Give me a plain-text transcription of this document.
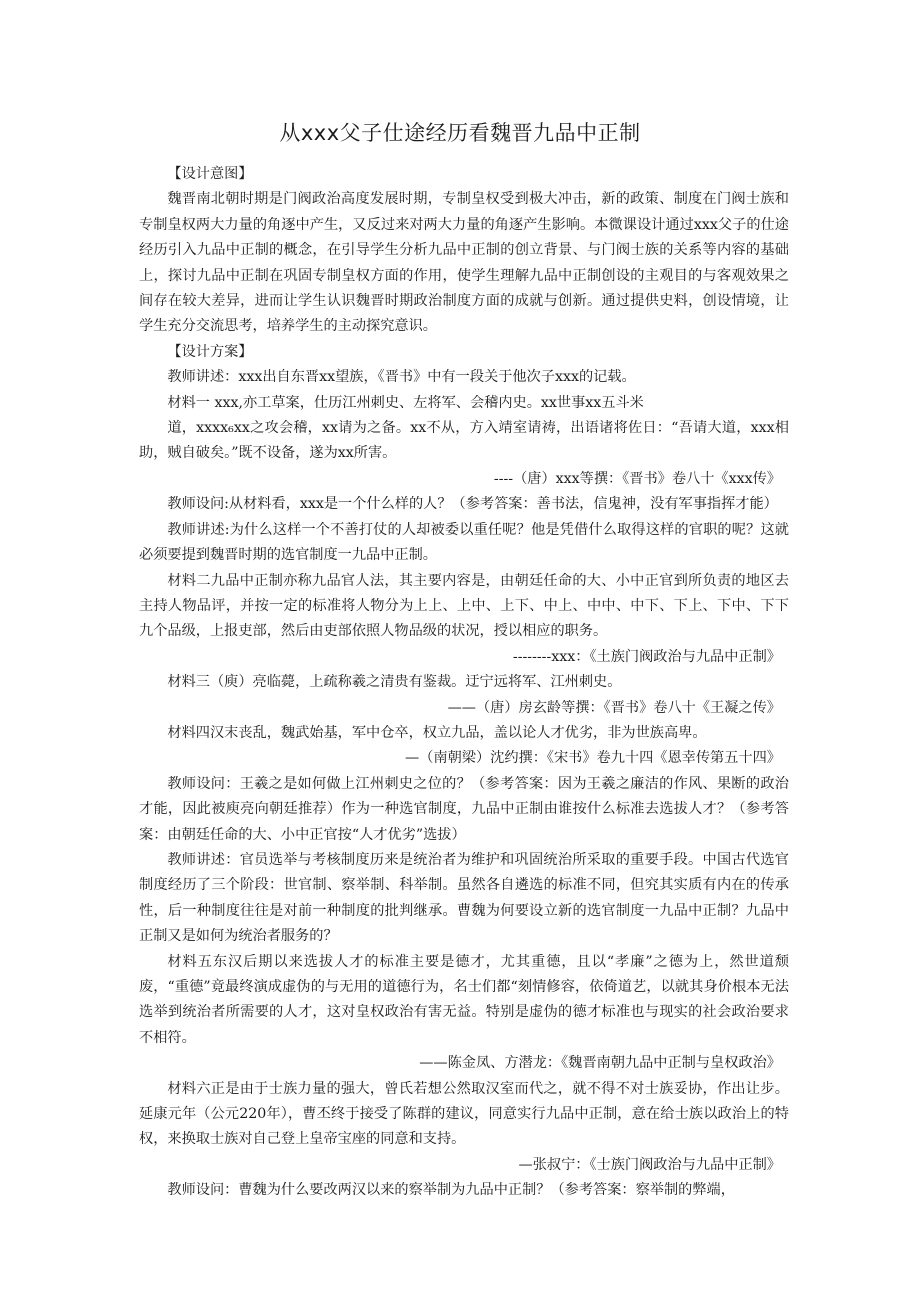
从xxx父子仕途经历看魏晋九品中正制

【设计意图】

魏晋南北朝时期是门阀政治高度发展时期，专制皇权受到极大冲击，新的政策、制度在门阀士族和专制皇权两大力量的角逐中产生，又反过来对两大力量的角逐产生影响。本微课设计通过xxx父子的仕途经历引入九品中正制的概念，在引导学生分析九品中正制的创立背景、与门阀士族的关系等内容的基础上，探讨九品中正制在巩固专制皇权方面的作用，使学生理解九品中正制创设的主观目的与客观效果之间存在较大差异，进而让学生认识魏晋时期政治制度方面的成就与创新。通过提供史料，创设情境，让学生充分交流思考，培养学生的主动探究意识。

【设计方案】

教师讲述：xxx出自东晋xx望族，《晋书》中有一段关于他次子xxx的记载。

材料一 xxx,亦工草案，仕历江州刺史、左将军、会稽内史。xx世事xx五斗米

道，xxxx₆xx之攻会稽，xx请为之备。xx不从，方入靖室请祷，出语诸将佐日：“吾请大道，xxx相助，贼自破矣。”既不设备，遂为xx所害。

----（唐）xxx等撰：《晋书》卷八十《xxx传》

教师设问:从材料看，xxx是一个什么样的人？（参考答案：善书法，信鬼神，没有军事指挥才能）

教师讲述:为什么这样一个不善打仗的人却被委以重任呢？他是凭借什么取得这样的官职的呢？这就必须要提到魏晋时期的选官制度一九品中正制。

材料二九品中正制亦称九品官人法，其主要内容是，由朝廷任命的大、小中正官到所负责的地区去主持人物品评，并按一定的标准将人物分为上上、上中、上下、中上、中中、中下、下上、下中、下下九个品级，上报吏部，然后由吏部依照人物品级的状况，授以相应的职务。

--------xxx：《土族门阀政治与九品中正制》

材料三（庾）亮临薨，上疏称羲之清贵有鉴裁。迂宁远将军、江州刺史。

——（唐）房玄龄等撰：《晋书》卷八十《王凝之传》

材料四汉末丧乱，魏武始基，军中仓卒，权立九品，盖以论人才优劣，非为世族高卑。

—（南朝梁）沈约撰：《宋书》卷九十四《恩幸传第五十四》

教师设问：王羲之是如何做上江州刺史之位的？（参考答案：因为王羲之廉洁的作风、果断的政治才能，因此被庾亮向朝廷推荐）作为一种选官制度，九品中正制由谁按什么标准去选拔人才？（参考答案：由朝廷任命的大、小中正官按“人才优劣”选拔）

教师讲述：官员选举与考核制度历来是统治者为维护和巩固统治所采取的重要手段。中国古代选官制度经历了三个阶段：世官制、察举制、科举制。虽然各自遴选的标准不同，但究其实质有内在的传承性，后一种制度往往是对前一种制度的批判继承。曹魏为何要设立新的选官制度一九品中正制？九品中正制又是如何为统治者服务的？

材料五东汉后期以来选拔人才的标准主要是德才，尤其重德，且以“孝廉”之德为上，然世道颓废，“重德”竟最终演成虚伪的与无用的道德行为，名士们都“刻情修容，依倚道艺，以就其身价根本无法选举到统治者所需要的人才，这对皇权政治有害无益。特别是虚伪的德才标准也与现实的社会政治要求不相符。

——陈金凤、方潜龙：《魏晋南朝九品中正制与皇权政治》

材料六正是由于士族力量的强大，曾氏若想公然取汉室而代之，就不得不对士族妥协，作出让步。延康元年（公元220年），曹丕终于接受了陈群的建议，同意实行九品中正制，意在给士族以政治上的特权，来换取士族对自己登上皇帝宝座的同意和支持。

—张叔宁：《士族门阀政治与九品中正制》

教师设问：曹魏为什么要改两汉以来的察举制为九品中正制？（参考答案：察举制的弊端，
